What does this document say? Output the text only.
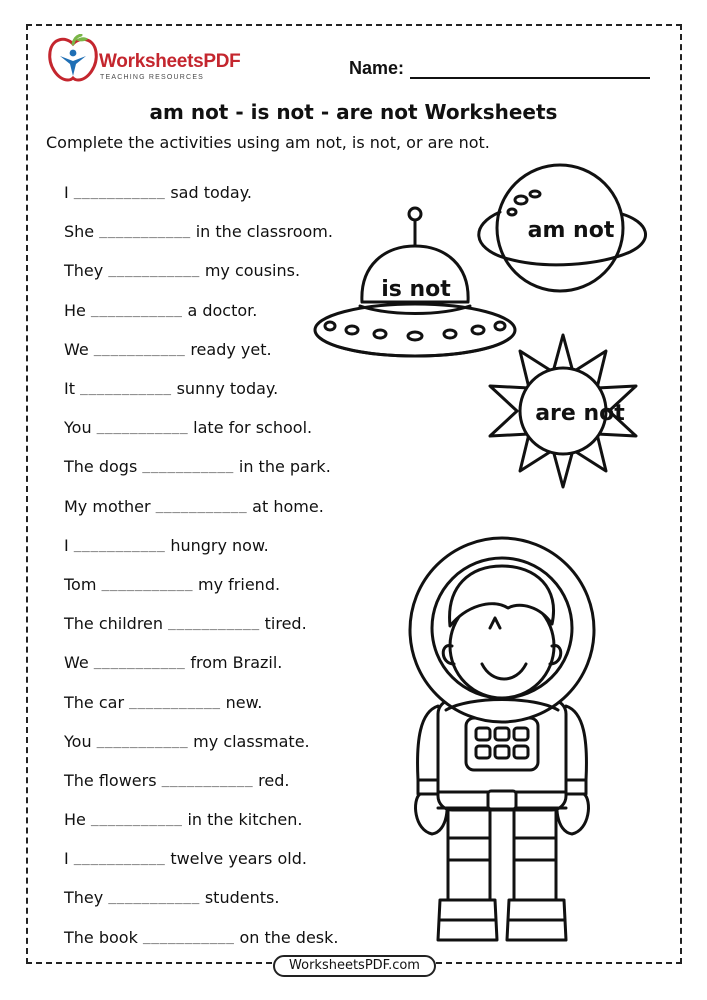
WorksheetsPDF
TEACHING RESOURCES	Name:
am not - is not - are not Worksheets
Complete the activities using am not, is not, or are not.
I ___________ sad today.
She ___________ in the classroom.
They ___________ my cousins.
He ___________ a doctor.
We ___________ ready yet.
It ___________ sunny today.
You ___________ late for school.
The dogs ___________ in the park.
My mother ___________ at home.
I ___________ hungry now.
Tom ___________ my friend.
The children ___________ tired.
We ___________ from Brazil.
The car ___________ new.
You ___________ my classmate.
The flowers ___________ red.
He ___________ in the kitchen.
I ___________ twelve years old.
They ___________ students.
The book ___________ on the desk.
is not
am not
are not
WorksheetsPDF.com
